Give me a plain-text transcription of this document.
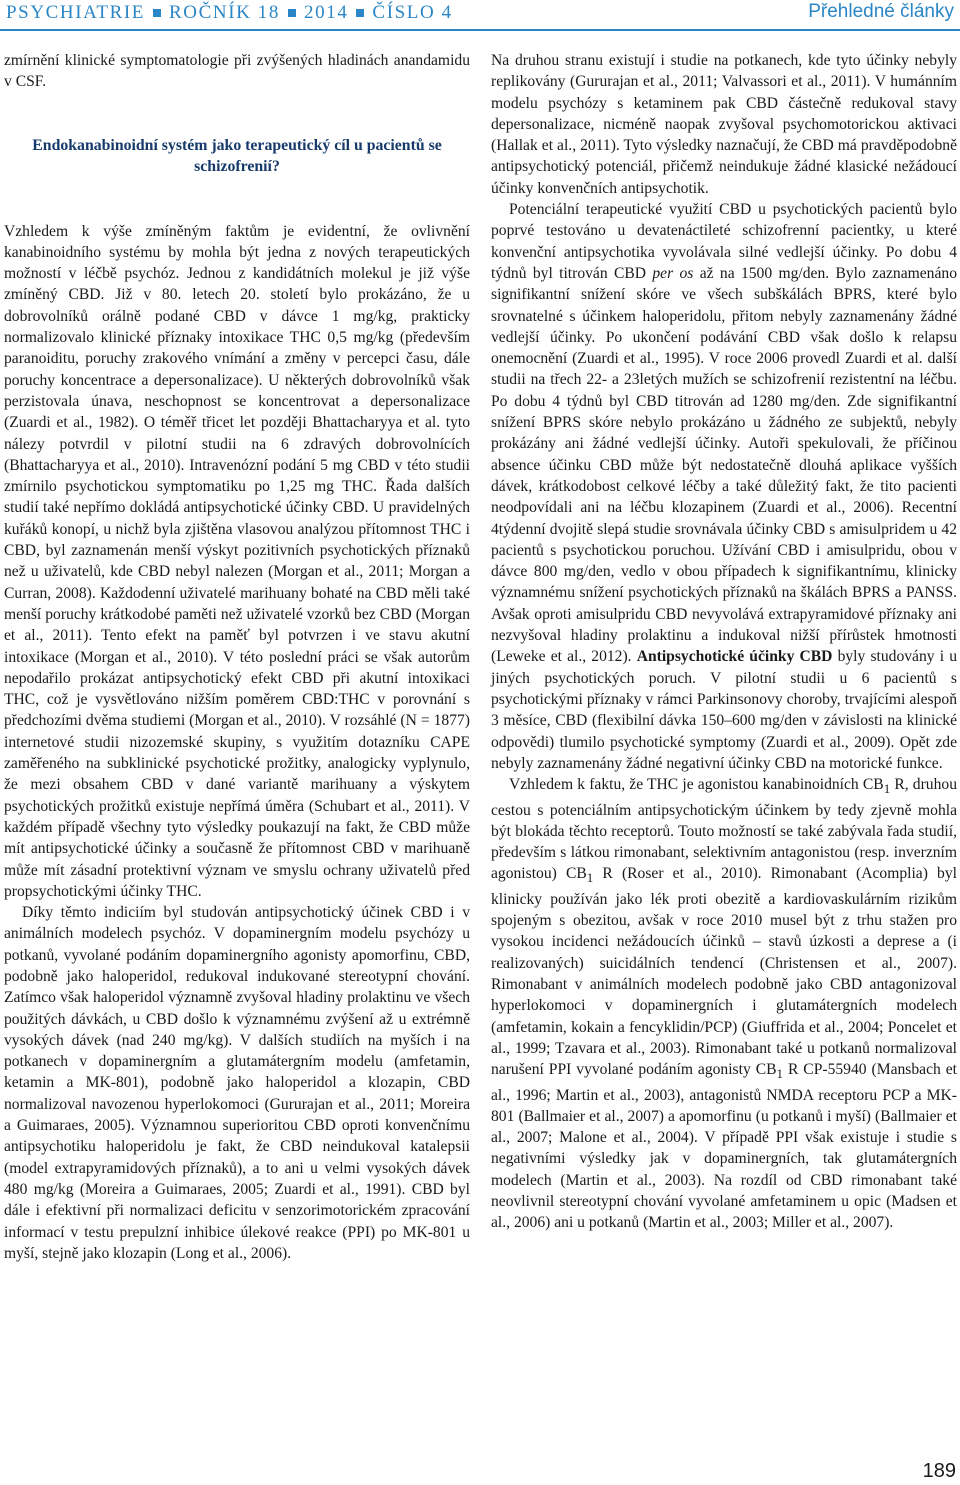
PSYCHIATRIE ROČNÍK 18 2014 ČÍSLO 4	Přehledné články

zmírnění klinické symptomatologie při zvýšených hladinách anandamidu v CSF.

Endokanabinoidní systém jako terapeutický cíl u pacientů se schizofrenií?

Vzhledem k výše zmíněným faktům je evidentní, že ovlivnění kanabinoidního systému by mohla být jedna z nových terapeutických možností v léčbě psychóz. Jednou z kandidátních molekul je již výše zmíněný CBD. Již v 80. letech 20. století bylo prokázáno, že u dobrovolníků orálně podané CBD v dávce 1 mg/kg, prakticky normalizovalo klinické příznaky intoxikace THC 0,5 mg/kg (především paranoiditu, poruchy zrakového vnímání a změny v percepci času, dále poruchy koncentrace a depersonalizace). U některých dobrovolníků však perzistovala únava, neschopnost se koncentrovat a depersonalizace (Zuardi et al., 1982). O téměř třicet let později Bhattacharyya et al. tyto nálezy potvrdil v pilotní studii na 6 zdravých dobrovolnících (Bhattacharyya et al., 2010). Intravenózní podání 5 mg CBD v této studii zmírnilo psychotickou symptomatiku po 1,25 mg THC. Řada dalších studií také nepřímo dokládá antipsychotické účinky CBD. U pravidelných kuřáků konopí, u nichž byla zjištěna vlasovou analýzou přítomnost THC i CBD, byl zaznamenán menší výskyt pozitivních psychotických příznaků než u uživatelů, kde CBD nebyl nalezen (Morgan et al., 2011; Morgan a Curran, 2008). Každodenní uživatelé marihuany bohaté na CBD měli také menší poruchy krátkodobé paměti než uživatelé vzorků bez CBD (Morgan et al., 2011). Tento efekt na paměť byl potvrzen i ve stavu akutní intoxikace (Morgan et al., 2010). V této poslední práci se však autorům nepodařilo prokázat antipsychotický efekt CBD při akutní intoxikaci THC, což je vysvětlováno nižším poměrem CBD:THC v porovnání s předchozími dvěma studiemi (Morgan et al., 2010). V rozsáhlé (N = 1877) internetové studii nizozemské skupiny, s využitím dotazníku CAPE zaměřeného na subklinické psychotické prožitky, analogicky vyplynulo, že mezi obsahem CBD v dané variantě marihuany a výskytem psychotických prožitků existuje nepřímá úměra (Schubart et al., 2011). V každém případě všechny tyto výsledky poukazují na fakt, že CBD může mít antipsychotické účinky a současně že přítomnost CBD v marihuaně může mít zásadní protektivní význam ve smyslu ochrany uživatelů před propsychotickými účinky THC.

Díky těmto indiciím byl studován antipsychotický účinek CBD i v animálních modelech psychóz. V dopaminergním modelu psychózy u potkanů, vyvolané podáním dopaminergního agonisty apomorfinu, CBD, podobně jako haloperidol, redukoval indukované stereotypní chování. Zatímco však haloperidol významně zvyšoval hladiny prolaktinu ve všech použitých dávkách, u CBD došlo k významnému zvýšení až u extrémně vysokých dávek (nad 240 mg/kg). V dalších studiích na myších i na potkanech v dopaminergním a glutamátergním modelu (amfetamin, ketamin a MK-801), podobně jako haloperidol a klozapin, CBD normalizoval navozenou hyperlokomoci (Gururajan et al., 2011; Moreira a Guimaraes, 2005). Významnou superioritou CBD oproti konvenčnímu antipsychotiku haloperidolu je fakt, že CBD neindukoval katalepsii (model extrapyramidových příznaků), a to ani u velmi vysokých dávek 480 mg/kg (Moreira a Guimaraes, 2005; Zuardi et al., 1991). CBD byl dále i efektivní při normalizaci deficitu v senzorimotorickém zpracování informací v testu prepulzní inhibice úlekové reakce (PPI) po MK-801 u myší, stejně jako klozapin (Long et al., 2006).

Na druhou stranu existují i studie na potkanech, kde tyto účinky nebyly replikovány (Gururajan et al., 2011; Valvassori et al., 2011). V humánním modelu psychózy s ketaminem pak CBD částečně redukoval stavy depersonalizace, nicméně naopak zvyšoval psychomotorickou aktivaci (Hallak et al., 2011). Tyto výsledky naznačují, že CBD má pravděpodobně antipsychotický potenciál, přičemž neindukuje žádné klasické nežádoucí účinky konvenčních antipsychotik.

Potenciální terapeutické využití CBD u psychotických pacientů bylo poprvé testováno u devatenáctileté schizofrenní pacientky, u které konvenční antipsychotika vyvolávala silné vedlejší účinky. Po dobu 4 týdnů byl titrován CBD per os až na 1500 mg/den. Bylo zaznamenáno signifikantní snížení skóre ve všech subškálách BPRS, které bylo srovnatelné s účinkem haloperidolu, přitom nebyly zaznamenány žádné vedlejší účinky. Po ukončení podávání CBD však došlo k relapsu onemocnění (Zuardi et al., 1995). V roce 2006 provedl Zuardi et al. další studii na třech 22- a 23letých mužích se schizofrenií rezistentní na léčbu. Po dobu 4 týdnů byl CBD titrován ad 1280 mg/den. Zde signifikantní snížení BPRS skóre nebylo prokázáno u žádného ze subjektů, nebyly prokázány ani žádné vedlejší účinky. Autoři spekulovali, že příčinou absence účinku CBD může být nedostatečně dlouhá aplikace vyšších dávek, krátkodobost celkové léčby a také důležitý fakt, že tito pacienti neodpovídali ani na léčbu klozapinem (Zuardi et al., 2006). Recentní 4týdenní dvojitě slepá studie srovnávala účinky CBD s amisulpridem u 42 pacientů s psychotickou poruchou. Užívání CBD i amisulpridu, obou v dávce 800 mg/den, vedlo v obou případech k signifikantnímu, klinicky významnému snížení psychotických příznaků na škálách BPRS a PANSS. Avšak oproti amisulpridu CBD nevyvolává extrapyramidové příznaky ani nezvyšoval hladiny prolaktinu a indukoval nižší přírůstek hmotnosti (Leweke et al., 2012). Antipsychotické účinky CBD byly studovány i u jiných psychotických poruch. V pilotní studii u 6 pacientů s psychotickými příznaky v rámci Parkinsonovy choroby, trvajícími alespoň 3 měsíce, CBD (flexibilní dávka 150–600 mg/den v závislosti na klinické odpovědi) tlumilo psychotické symptomy (Zuardi et al., 2009). Opět zde nebyly zaznamenány žádné negativní účinky CBD na motorické funkce.

Vzhledem k faktu, že THC je agonistou kanabinoidních $CB_1$ R, druhou cestou s potenciálním antipsychotickým účinkem by tedy zjevně mohla být blokáda těchto receptorů. Touto možností se také zabývala řada studií, především s látkou rimonabant, selektivním antagonistou (resp. inverzním agonistou) $CB_1$ R (Roser et al., 2010). Rimonabant (Acomplia) byl klinicky používán jako lék proti obezitě a kardiovaskulárním rizikům spojeným s obezitou, avšak v roce 2010 musel být z trhu stažen pro vysokou incidenci nežádoucích účinků – stavů úzkosti a deprese a (i realizovaných) suicidálních tendencí (Christensen et al., 2007). Rimonabant v animálních modelech podobně jako CBD antagonizoval hyperlokomoci v dopaminergních i glutamátergních modelech (amfetamin, kokain a fencyklidin/PCP) (Giuffrida et al., 2004; Poncelet et al., 1999; Tzavara et al., 2003). Rimonabant také u potkanů normalizoval narušení PPI vyvolané podáním agonisty $CB_1$ R CP-55940 (Mansbach et al., 1996; Martin et al., 2003), antagonistů NMDA receptoru PCP a MK-801 (Ballmaier et al., 2007) a apomorfinu (u potkanů i myší) (Ballmaier et al., 2007; Malone et al., 2004). V případě PPI však existuje i studie s negativními výsledky jak v dopaminergních, tak glutamátergních modelech (Martin et al., 2003). Na rozdíl od CBD rimonabant také neovlivnil stereotypní chování vyvolané amfetaminem u opic (Madsen et al., 2006) ani u potkanů (Martin et al., 2003; Miller et al., 2007).

189
